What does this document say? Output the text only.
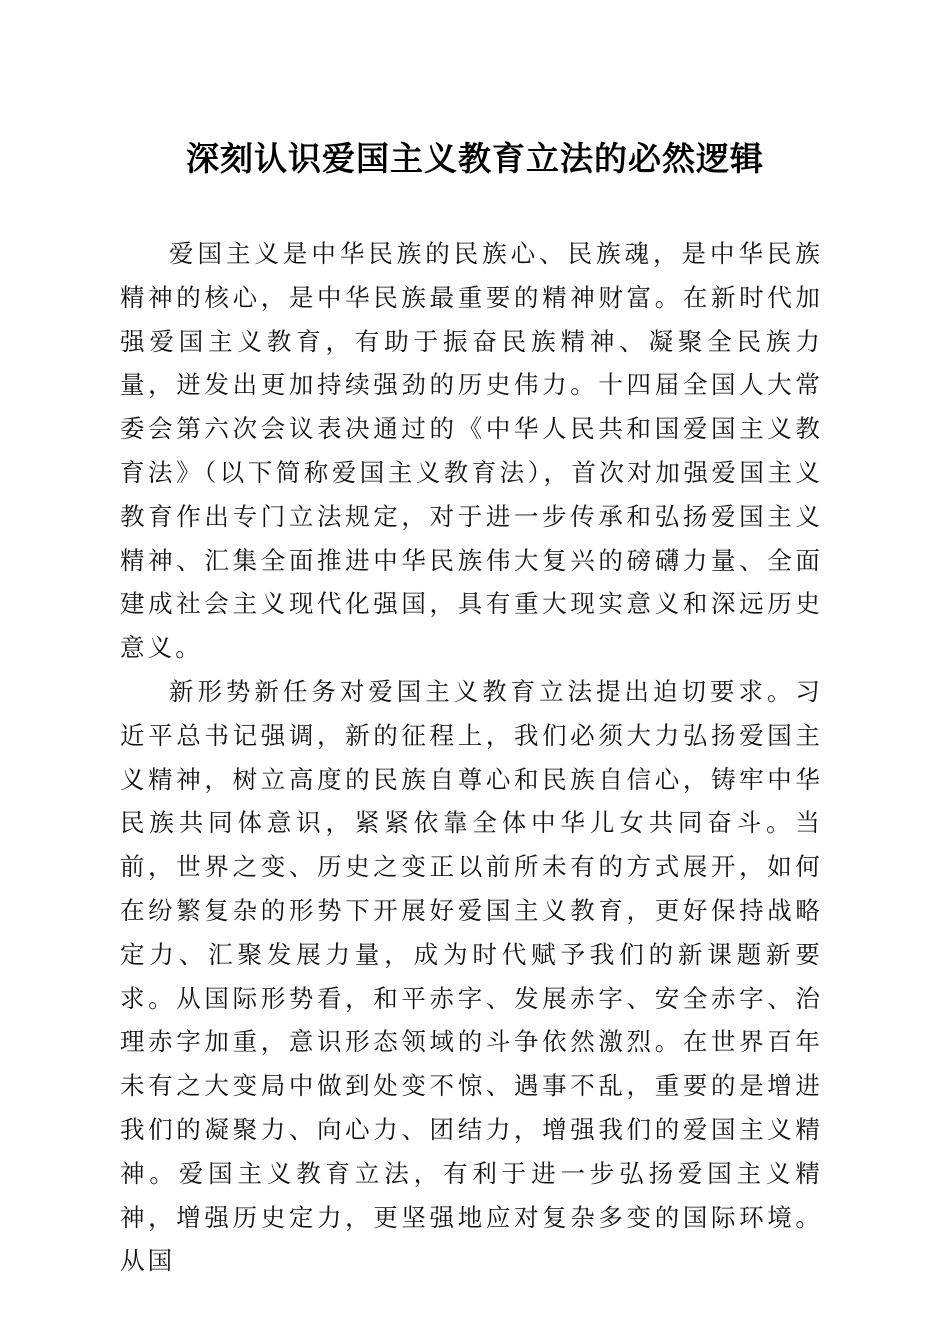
深刻认识爱国主义教育立法的必然逻辑

爱国主义是中华民族的民族心、民族魂，是中华民族精神的核心，是中华民族最重要的精神财富。在新时代加强爱国主义教育，有助于振奋民族精神、凝聚全民族力量，迸发出更加持续强劲的历史伟力。十四届全国人大常委会第六次会议表决通过的《中华人民共和国爱国主义教育法》（以下简称爱国主义教育法），首次对加强爱国主义教育作出专门立法规定，对于进一步传承和弘扬爱国主义精神、汇集全面推进中华民族伟大复兴的磅礴力量、全面建成社会主义现代化强国，具有重大现实意义和深远历史意义。

新形势新任务对爱国主义教育立法提出迫切要求。习近平总书记强调，新的征程上，我们必须大力弘扬爱国主义精神，树立高度的民族自尊心和民族自信心，铸牢中华民族共同体意识，紧紧依靠全体中华儿女共同奋斗。当前，世界之变、历史之变正以前所未有的方式展开，如何在纷繁复杂的形势下开展好爱国主义教育，更好保持战略定力、汇聚发展力量，成为时代赋予我们的新课题新要求。从国际形势看，和平赤字、发展赤字、安全赤字、治理赤字加重，意识形态领域的斗争依然激烈。在世界百年未有之大变局中做到处变不惊、遇事不乱，重要的是增进我们的凝聚力、向心力、团结力，增强我们的爱国主义精神。爱国主义教育立法，有利于进一步弘扬爱国主义精神，增强历史定力，更坚强地应对复杂多变的国际环境。从国
